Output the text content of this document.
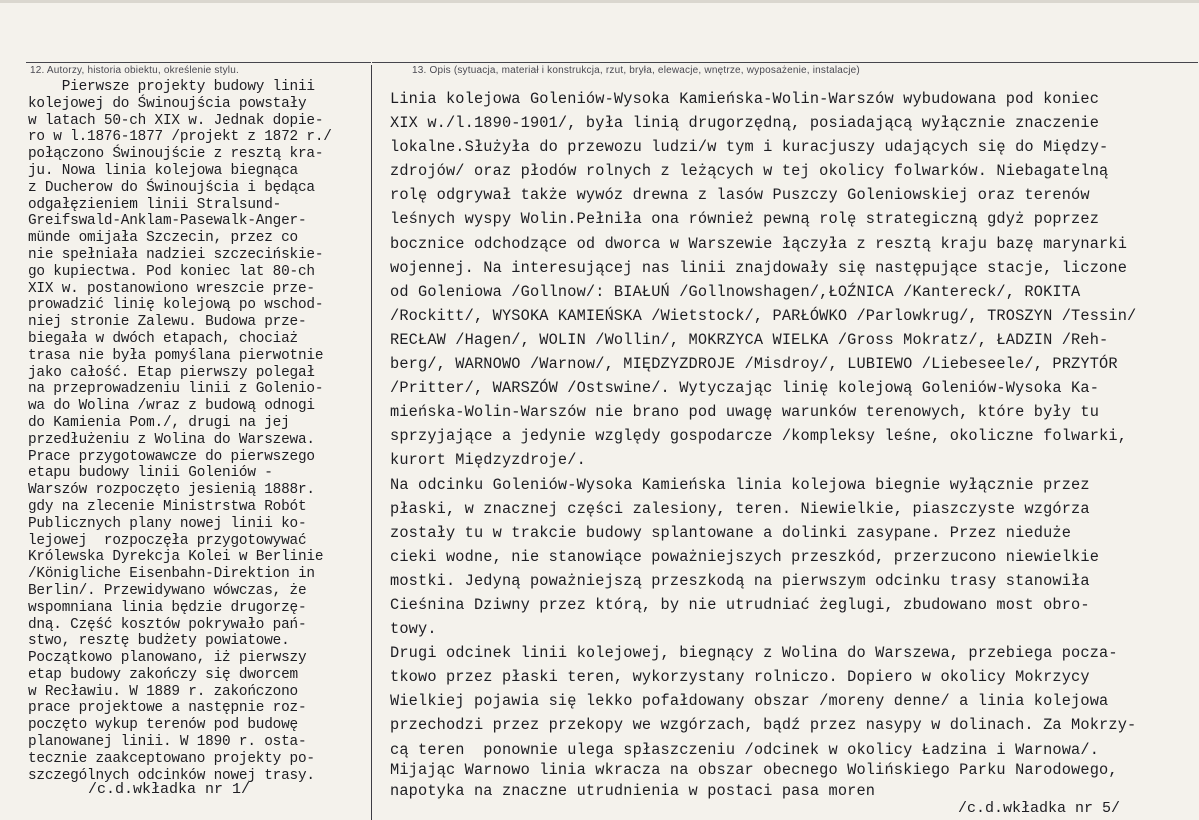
12. Autorzy, historia obiektu, określenie stylu.	13. Opis (sytuacja, materiał i konstrukcja, rzut, bryła, elewacje, wnętrze, wyposażenie, instalacje)
Pierwsze projekty budowy linii
kolejowej do Świnoujścia powstały
w latach 50-ch XIX w. Jednak dopie-
ro w l.1876-1877 /projekt z 1872 r./
połączono Świnoujście z resztą kra-
ju. Nowa linia kolejowa biegnąca
z Ducherow do Świnoujścia i będąca
odgałęzieniem linii Stralsund-
Greifswald-Anklam-Pasewalk-Anger-
münde omijała Szczecin, przez co
nie spełniała nadziei szczecińskie-
go kupiectwa. Pod koniec lat 80-ch
XIX w. postanowiono wreszcie prze-
prowadzić linię kolejową po wschod-
niej stronie Zalewu. Budowa prze-
biegała w dwóch etapach, chociaż
trasa nie była pomyślana pierwotnie
jako całość. Etap pierwszy polegał
na przeprowadzeniu linii z Golenio-
wa do Wolina /wraz z budową odnogi
do Kamienia Pom./, drugi na jej
przedłużeniu z Wolina do Warszewa.
Prace przygotowawcze do pierwszego
etapu budowy linii Goleniów -
Warszów rozpoczęto jesienią 1888r.
gdy na zlecenie Ministrstwa Robót
Publicznych plany nowej linii ko-
lejowej  rozpoczęła przygotowywać
Królewska Dyrekcja Kolei w Berlinie
/Königliche Eisenbahn-Direktion in
Berlin/. Przewidywano wówczas, że
wspomniana linia będzie drugorzę-
dną. Część kosztów pokrywało pań-
stwo, resztę budżety powiatowe.
Początkowo planowano, iż pierwszy
etap budowy zakończy się dworcem
w Recławiu. W 1889 r. zakończono
prace projektowe a następnie roz-
poczęto wykup terenów pod budowę
planowanej linii. W 1890 r. osta-
tecznie zaakceptowano projekty po-
szczególnych odcinków nowej trasy.
Linia kolejowa Goleniów-Wysoka Kamieńska-Wolin-Warszów wybudowana pod koniec
XIX w./l.1890-1901/, była linią drugorzędną, posiadającą wyłącznie znaczenie
lokalne.Służyła do przewozu ludzi/w tym i kuracjuszy udających się do Między-
zdrojów/ oraz płodów rolnych z leżących w tej okolicy folwarków. Niebagatelną
rolę odgrywał także wywóz drewna z lasów Puszczy Goleniowskiej oraz terenów
leśnych wyspy Wolin.Pełniła ona również pewną rolę strategiczną gdyż poprzez
bocznice odchodzące od dworca w Warszewie łączyła z resztą kraju bazę marynarki
wojennej. Na interesującej nas linii znajdowały się następujące stacje, liczone
od Goleniowa /Gollnow/: BIAŁUŃ /Gollnowshagen/,ŁOŹNICA /Kantereck/, ROKITA
/Rockitt/, WYSOKA KAMIEŃSKA /Wietstock/, PARŁÓWKO /Parlowkrug/, TROSZYN /Tessin/
RECŁAW /Hagen/, WOLIN /Wollin/, MOKRZYCA WIELKA /Gross Mokratz/, ŁADZIN /Reh-
berg/, WARNOWO /Warnow/, MIĘDZYZDROJE /Misdroy/, LUBIEWO /Liebeseele/, PRZYTÓR
/Pritter/, WARSZÓW /Ostswine/. Wytyczając linię kolejową Goleniów-Wysoka Ka-
mieńska-Wolin-Warszów nie brano pod uwagę warunków terenowych, które były tu
sprzyjające a jedynie względy gospodarcze /kompleksy leśne, okoliczne folwarki,
kurort Międzyzdroje/.
Na odcinku Goleniów-Wysoka Kamieńska linia kolejowa biegnie wyłącznie przez
płaski, w znacznej części zalesiony, teren. Niewielkie, piaszczyste wzgórza
zostały tu w trakcie budowy splantowane a dolinki zasypane. Przez nieduże
cieki wodne, nie stanowiące poważniejszych przeszkód, przerzucono niewielkie
mostki. Jedyną poważniejszą przeszkodą na pierwszym odcinku trasy stanowiła
Cieśnina Dziwny przez którą, by nie utrudniać żeglugi, zbudowano most obro-
towy.
Drugi odcinek linii kolejowej, biegnący z Wolina do Warszewa, przebiega pocza-
tkowo przez płaski teren, wykorzystany rolniczo. Dopiero w okolicy Mokrzycy
Wielkiej pojawia się lekko pofałdowany obszar /moreny denne/ a linia kolejowa
przechodzi przez przekopy we wzgórzach, bądź przez nasypy w dolinach. Za Mokrzy-
cą teren  ponownie ulega spłaszczeniu /odcinek w okolicy Ładzina i Warnowa/.
Mijając Warnowo linia wkracza na obszar obecnego Wolińskiego Parku Narodowego,
napotyka na znaczne utrudnienia w postaci pasa moren
/c.d.wkładka nr 1/
/c.d.wkładka nr 5/
